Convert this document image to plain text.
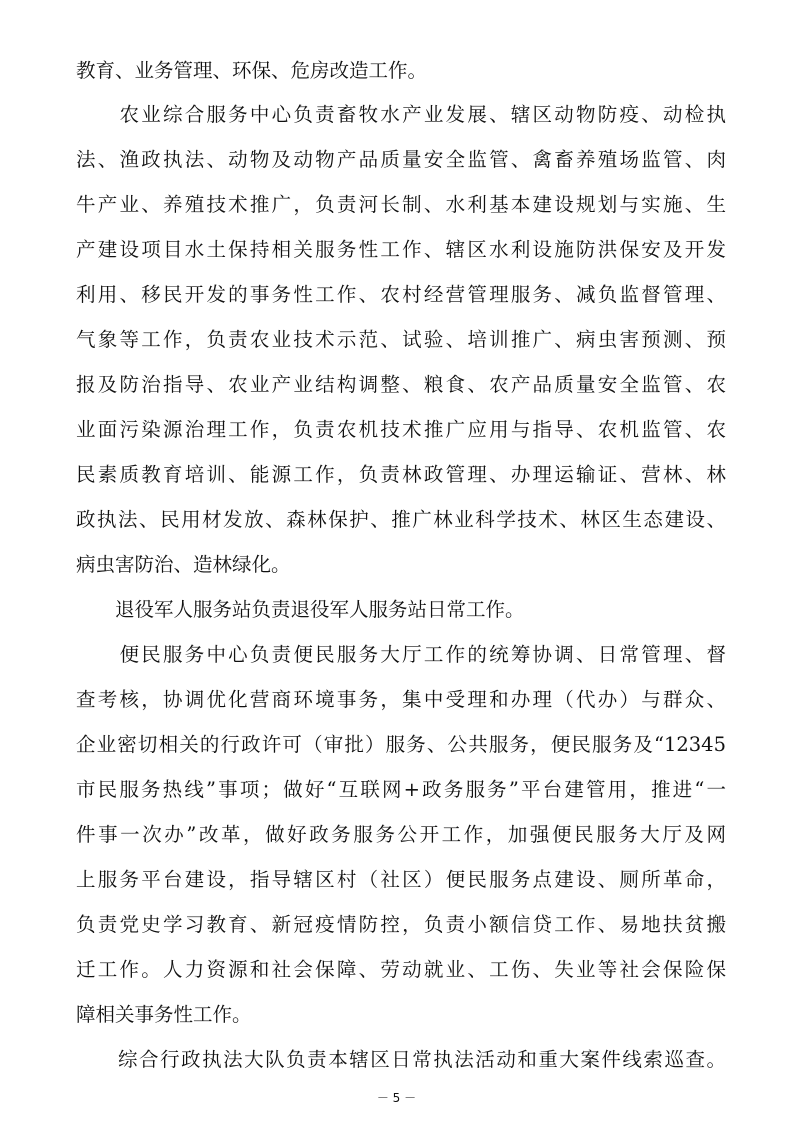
教育、业务管理、环保、危房改造工作。
　　农业综合服务中心负责畜牧水产业发展、辖区动物防疫、动检执
法、渔政执法、动物及动物产品质量安全监管、禽畜养殖场监管、肉
牛产业、养殖技术推广，负责河长制、水利基本建设规划与实施、生
产建设项目水土保持相关服务性工作、辖区水利设施防洪保安及开发
利用、移民开发的事务性工作、农村经营管理服务、减负监督管理、
气象等工作，负责农业技术示范、试验、培训推广、病虫害预测、预
报及防治指导、农业产业结构调整、粮食、农产品质量安全监管、农
业面污染源治理工作，负责农机技术推广应用与指导、农机监管、农
民素质教育培训、能源工作，负责林政管理、办理运输证、营林、林
政执法、民用材发放、森林保护、推广林业科学技术、林区生态建设、
病虫害防治、造林绿化。
　　退役军人服务站负责退役军人服务站日常工作。
　　便民服务中心负责便民服务大厅工作的统筹协调、日常管理、督
查考核，协调优化营商环境事务，集中受理和办理（代办）与群众、
企业密切相关的行政许可（审批）服务、公共服务，便民服务及“12345
市民服务热线”事项；做好“互联网+政务服务”平台建管用，推进“一
件事一次办”改革，做好政务服务公开工作，加强便民服务大厅及网
上服务平台建设，指导辖区村（社区）便民服务点建设、厕所革命，
负责党史学习教育、新冠疫情防控，负责小额信贷工作、易地扶贫搬
迁工作。人力资源和社会保障、劳动就业、工伤、失业等社会保险保
障相关事务性工作。
　　综合行政执法大队负责本辖区日常执法活动和重大案件线索巡查。
－ 5 －
